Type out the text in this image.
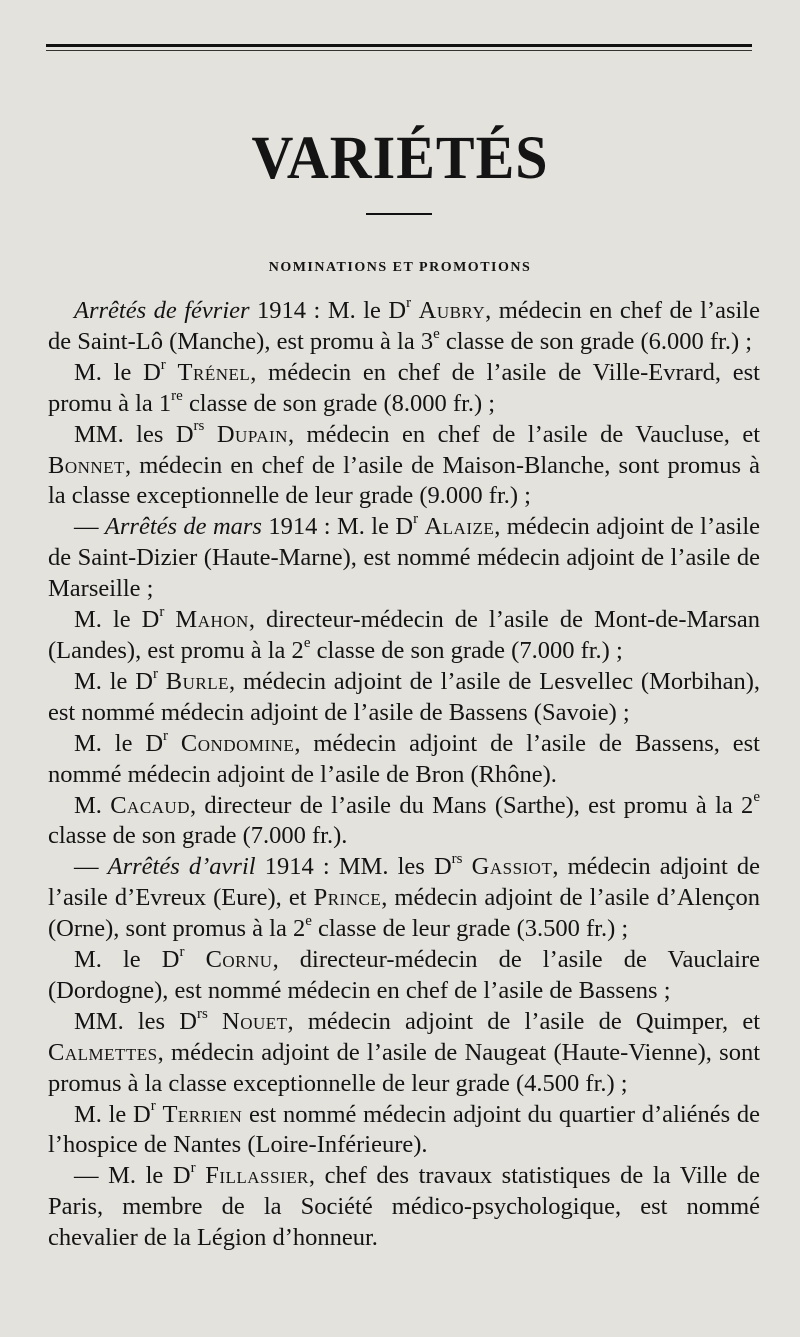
VARIÉTÉS
NOMINATIONS ET PROMOTIONS

Arrêtés de février 1914 : M. le $D^r$ Aubry, médecin en chef de l’asile de Saint-Lô (Manche), est promu à la 3e classe de son grade (6.000 fr.) ;

M. le $D^r$ Trénel, médecin en chef de l’asile de Ville-Evrard, est promu à la 1re classe de son grade (8.000 fr.) ;

MM. les $D^{rs}$ Dupain, médecin en chef de l’asile de Vaucluse, et Bonnet, médecin en chef de l’asile de Maison-Blanche, sont promus à la classe exceptionnelle de leur grade (9.000 fr.) ;

— Arrêtés de mars 1914 : M. le $D^r$ Alaize, médecin adjoint de l’asile de Saint-Dizier (Haute-Marne), est nommé médecin adjoint de l’asile de Marseille ;

M. le $D^r$ Mahon, directeur-médecin de l’asile de Mont-de-Marsan (Landes), est promu à la 2e classe de son grade (7.000 fr.) ;

M. le $D^r$ Burle, médecin adjoint de l’asile de Lesvellec (Morbihan), est nommé médecin adjoint de l’asile de Bassens (Savoie) ;

M. le $D^r$ Condomine, médecin adjoint de l’asile de Bassens, est nommé médecin adjoint de l’asile de Bron (Rhône).

M. Cacaud, directeur de l’asile du Mans (Sarthe), est promu à la 2e classe de son grade (7.000 fr.).

— Arrêtés d’avril 1914 : MM. les $D^{rs}$ Gassiot, médecin adjoint de l’asile d’Evreux (Eure), et Prince, médecin adjoint de l’asile d’Alençon (Orne), sont promus à la 2e classe de leur grade (3.500 fr.) ;

M. le $D^r$ Cornu, directeur-médecin de l’asile de Vauclaire (Dordogne), est nommé médecin en chef de l’asile de Bassens ;

MM. les $D^{rs}$ Nouet, médecin adjoint de l’asile de Quimper, et Calmettes, médecin adjoint de l’asile de Naugeat (Haute-Vienne), sont promus à la classe exceptionnelle de leur grade (4.500 fr.) ;

M. le $D^r$ Terrien est nommé médecin adjoint du quartier d’aliénés de l’hospice de Nantes (Loire-Inférieure).

— M. le $D^r$ Fillassier, chef des travaux statistiques de la Ville de Paris, membre de la Société médico-psychologique, est nommé chevalier de la Légion d’honneur.
